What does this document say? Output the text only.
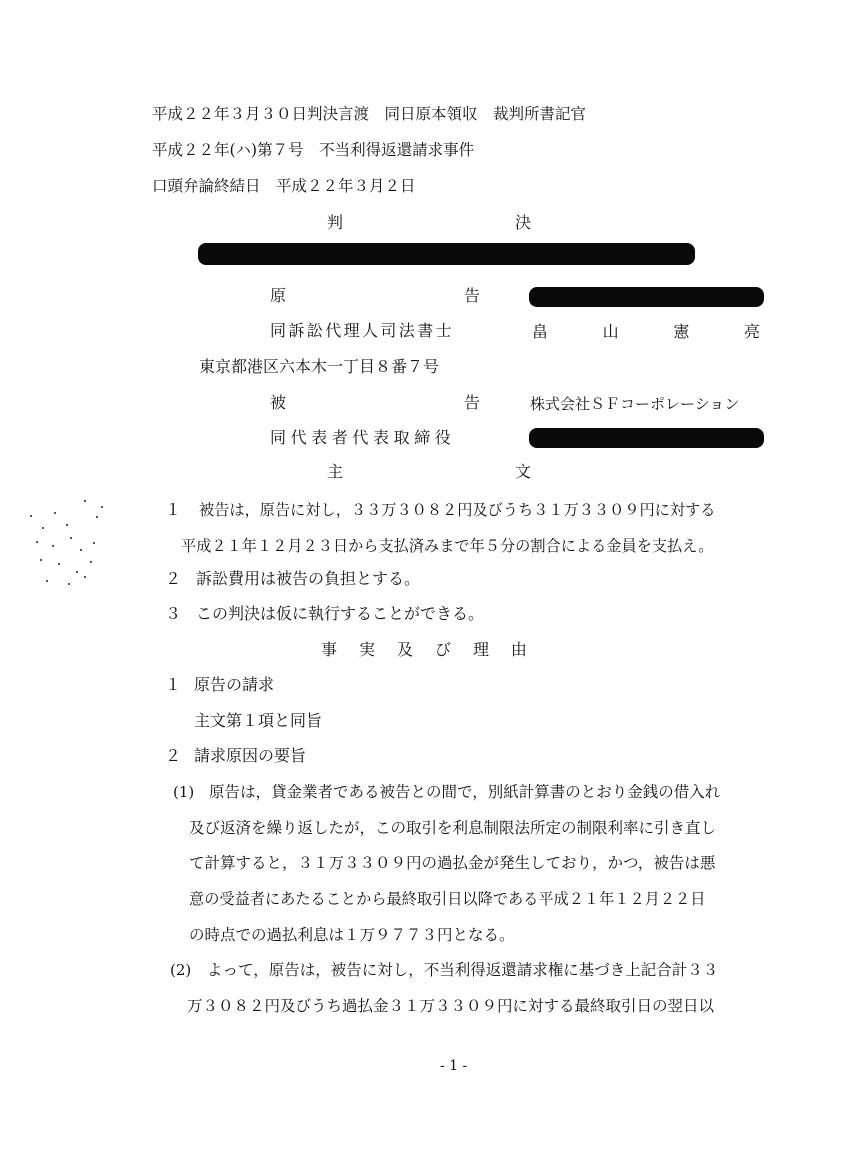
平成２２年３月３０日判決言渡　同日原本領収　裁判所書記官
平成２２年(ハ)第７号　不当利得返還請求事件
口頭弁論終結日　平成２２年３月２日
判	決
原	告
同訴訟代理人司法書士	畠	山	憲	亮
東京都港区六本木一丁目８番７号
被	告	株式会社ＳＦコーポレーション
同代表者代表取締役
主	文
１ 被告は，原告に対し，３３万３０８２円及びうち３１万３３０９円に対する
平成２１年１２月２３日から支払済みまで年５分の割合による金員を支払え。
２ 訴訟費用は被告の負担とする。
３ この判決は仮に執行することができる。
事 実 及 び 理 由
１ 原告の請求
主文第１項と同旨
２ 請求原因の要旨
(1) 原告は，貸金業者である被告との間で，別紙計算書のとおり金銭の借入れ
及び返済を繰り返したが，この取引を利息制限法所定の制限利率に引き直し
て計算すると，３１万３３０９円の過払金が発生しており，かつ，被告は悪
意の受益者にあたることから最終取引日以降である平成２１年１２月２２日
の時点での過払利息は１万９７７３円となる。
(2) よって，原告は，被告に対し，不当利得返還請求権に基づき上記合計３３
万３０８２円及びうち過払金３１万３３０９円に対する最終取引日の翌日以
- 1 -
